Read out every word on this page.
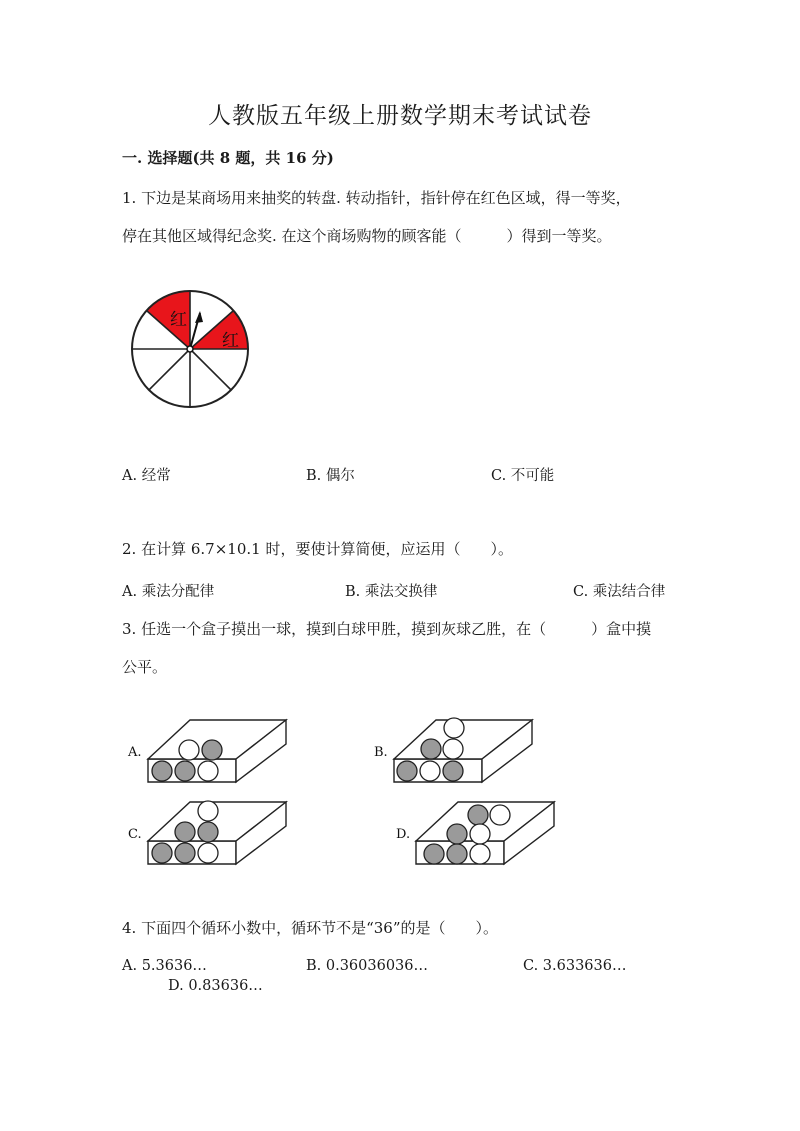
人教版五年级上册数学期末考试试卷
一. 选择题(共 8 题，共 16 分)
1. 下边是某商场用来抽奖的转盘. 转动指针，指针停在红色区域，得一等奖，
停在其他区域得纪念奖. 在这个商场购物的顾客能（　　　）得到一等奖。
红
红
A. 经常	B. 偶尔	C. 不可能
2. 在计算 6.7×10.1 时，要使计算简便，应运用（　　）。
A. 乘法分配律	B. 乘法交换律	C. 乘法结合律
3. 任选一个盒子摸出一球，摸到白球甲胜，摸到灰球乙胜，在（　　　）盒中摸
公平。
A.	B.
C.	D.
4. 下面四个循环小数中，循环节不是“36”的是（　　）。
A. 5.3636…	B. 0.36036036…	C. 3.633636…
D. 0.83636…
